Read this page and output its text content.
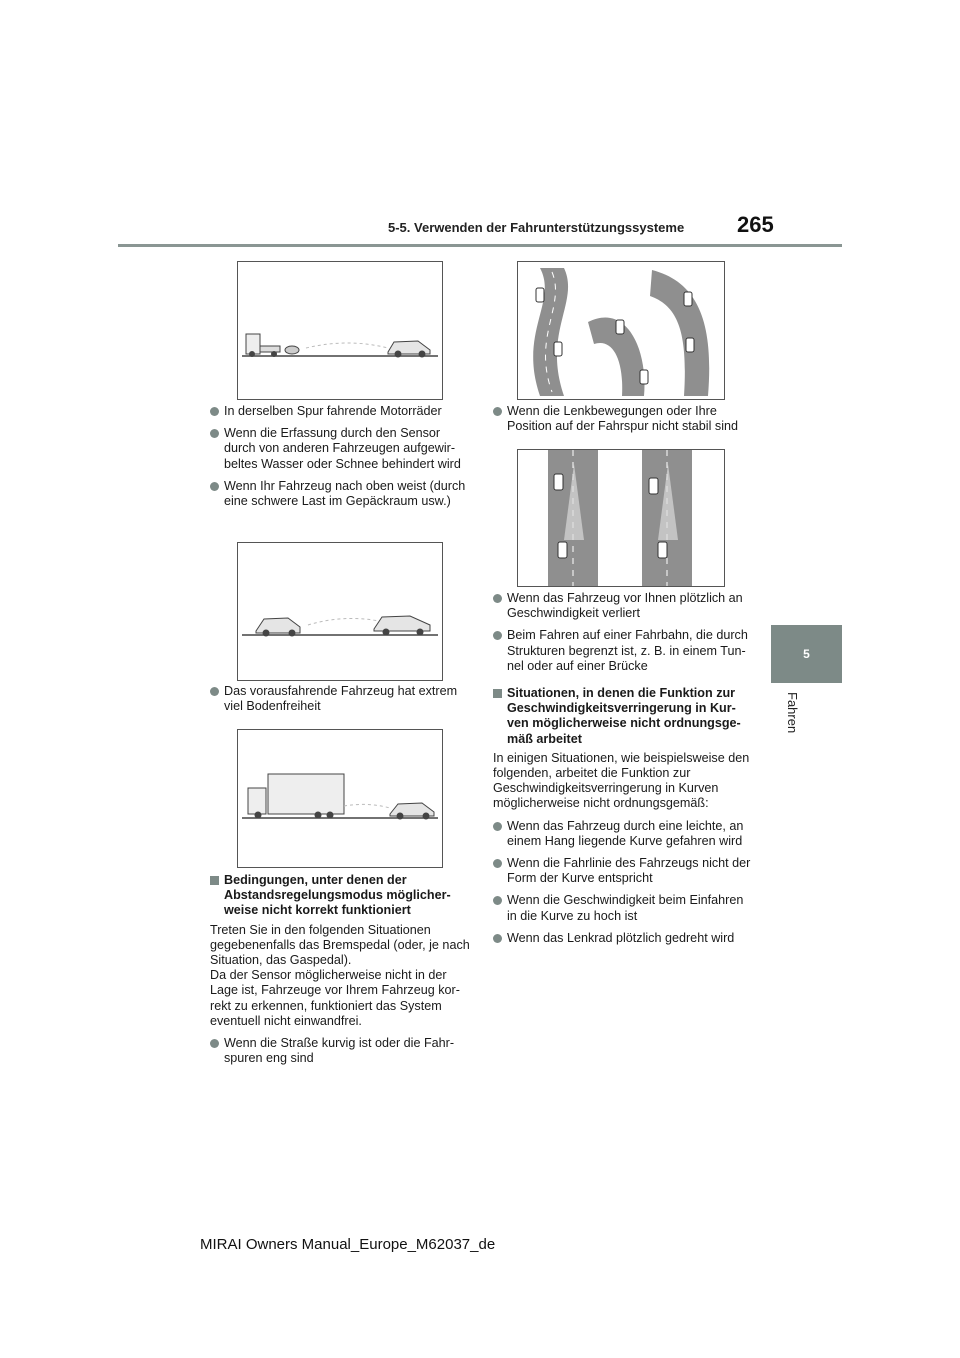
5-5. Verwenden der Fahrunterstützungssysteme 265
5
Fahren
In derselben Spur fahrende Motorräder
Wenn die Erfassung durch den Sensor durch von anderen Fahrzeugen aufgewir-beltes Wasser oder Schnee behindert wird
Wenn Ihr Fahrzeug nach oben weist (durch eine schwere Last im Gepäckraum usw.)
Das vorausfahrende Fahrzeug hat extrem viel Bodenfreiheit
Bedingungen, unter denen der Abstandsregelungsmodus möglicher-weise nicht korrekt funktioniert
Treten Sie in den folgenden Situationen gegebenenfalls das Bremspedal (oder, je nach Situation, das Gaspedal).
Da der Sensor möglicherweise nicht in der Lage ist, Fahrzeuge vor Ihrem Fahrzeug kor-rekt zu erkennen, funktioniert das System eventuell nicht einwandfrei.
Wenn die Straße kurvig ist oder die Fahr-spuren eng sind
Wenn die Lenkbewegungen oder Ihre Position auf der Fahrspur nicht stabil sind
Wenn das Fahrzeug vor Ihnen plötzlich an Geschwindigkeit verliert
Beim Fahren auf einer Fahrbahn, die durch Strukturen begrenzt ist, z. B. in einem Tun-nel oder auf einer Brücke
Situationen, in denen die Funktion zur Geschwindigkeitsverringerung in Kur-ven möglicherweise nicht ordnungsge-mäß arbeitet
In einigen Situationen, wie beispielsweise den folgenden, arbeitet die Funktion zur Geschwindigkeitsverringerung in Kurven möglicherweise nicht ordnungsgemäß:
Wenn das Fahrzeug durch eine leichte, an einem Hang liegende Kurve gefahren wird
Wenn die Fahrlinie des Fahrzeugs nicht der Form der Kurve entspricht
Wenn die Geschwindigkeit beim Einfahren in die Kurve zu hoch ist
Wenn das Lenkrad plötzlich gedreht wird
MIRAI Owners Manual_Europe_M62037_de
